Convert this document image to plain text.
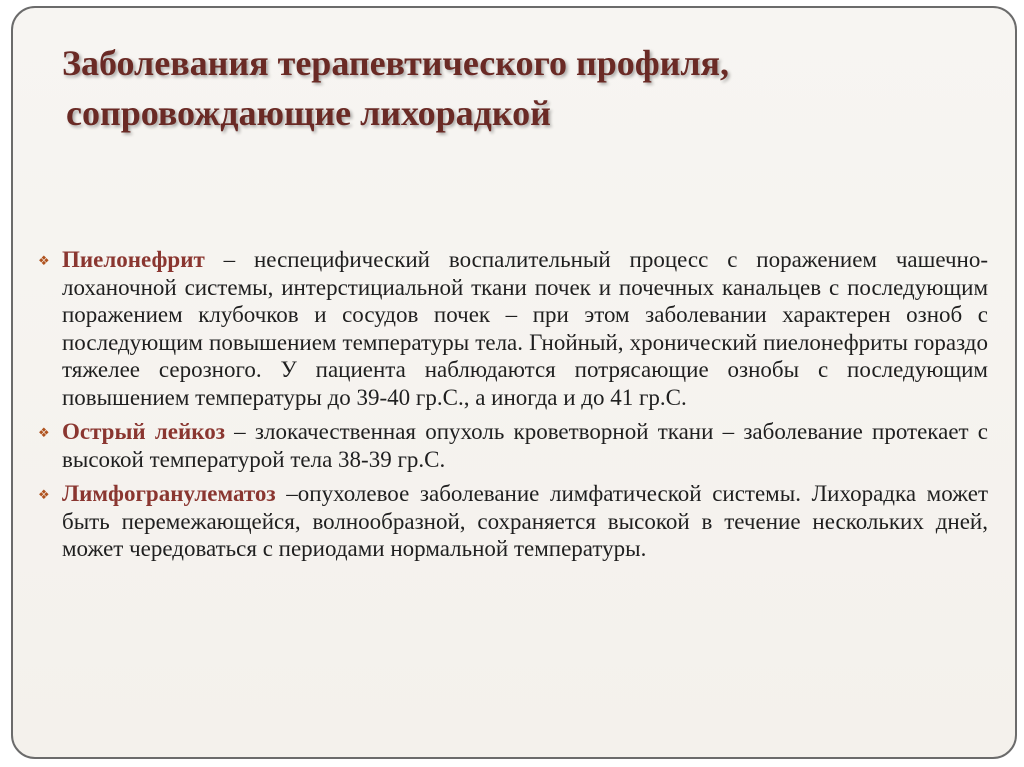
Заболевания терапевтического профиля,
сопровождающие лихорадкой
❖ Пиелонефрит – неспецифический воспалительный процесс с поражением чашечно-лоханочной системы, интерстициальной ткани почек и почечных канальцев с последующим поражением клубочков и сосудов почек – при этом заболевании характерен озноб с последующим повышением температуры тела. Гнойный, хронический пиелонефриты гораздо тяжелее серозного. У пациента наблюдаются потрясающие ознобы с последующим повышением температуры до 39-40 гр.С., а иногда и до 41 гр.С.
❖ Острый лейкоз – злокачественная опухоль кроветворной ткани – заболевание протекает с высокой температурой тела 38-39 гр.С.
❖ Лимфогранулематоз –опухолевое заболевание лимфатической системы. Лихорадка может быть перемежающейся, волнообразной, сохраняется высокой в течение нескольких дней, может чередоваться с периодами нормальной температуры.
